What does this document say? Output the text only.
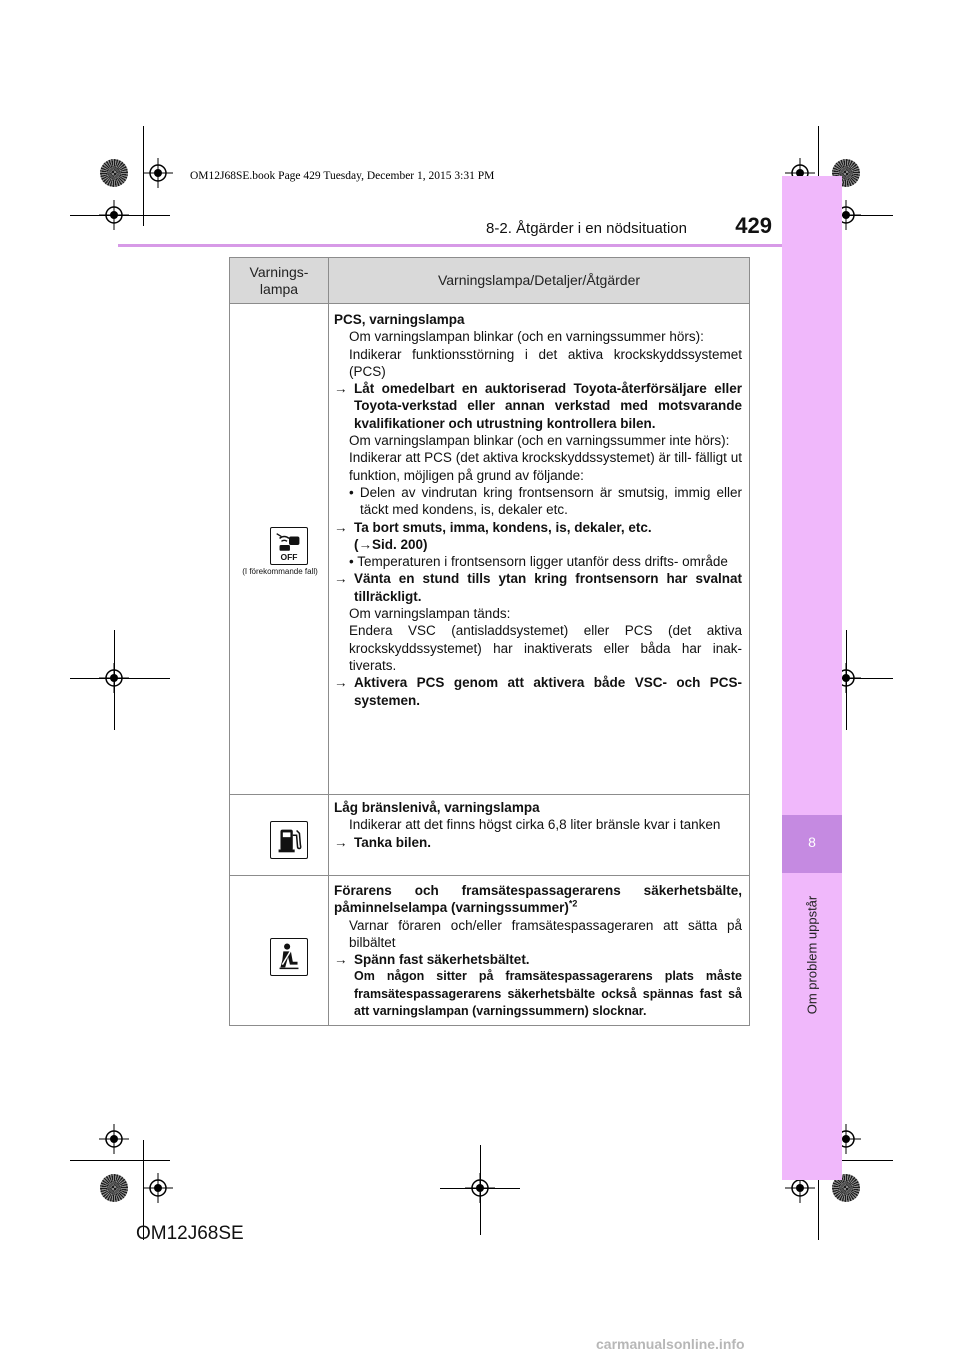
8
Om problem uppstår
OM12J68SE.book Page 429 Tuesday, December 1, 2015 3:31 PM
8-2. Åtgärder i en nödsituation	429
Varnings-
lampa
Varningslampa/Detaljer/Åtgärder
OFF
(I förekommande fall)

PCS, varningslampa

Om varningslampan blinkar (och en varningssummer hörs):

Indikerar funktionsstörning i det aktiva krockskyddssystemet (PCS)

→ Låt omedelbart en auktoriserad Toyota-återförsäljare eller Toyota-verkstad eller annan verkstad med motsvarande kvalifikationer och utrustning kontrollera bilen.

Om varningslampan blinkar (och en varningssummer inte hörs):

Indikerar att PCS (det aktiva krockskyddssystemet) är till- fälligt ut funktion, möjligen på grund av följande:

• Delen av vindrutan kring frontsensorn är smutsig, immig eller täckt med kondens, is, dekaler etc.

→ Ta bort smuts, imma, kondens, is, dekaler, etc.
(→Sid. 200)

• Temperaturen i frontsensorn ligger utanför dess drifts- område

→ Vänta en stund tills ytan kring frontsensorn har svalnat tillräckligt.

Om varningslampan tänds:

Endera VSC (antisladdsystemet) eller PCS (det aktiva krockskyddssystemet) har inaktiverats eller båda har inak- tiverats.

→ Aktivera PCS genom att aktivera både VSC- och PCS- systemen.

Låg bränslenivå, varningslampa

Indikerar att det finns högst cirka 6,8 liter bränsle kvar i tanken

→ Tanka bilen.

Förarens och framsätespassagerarens säkerhetsbälte, påminnelselampa (varningssummer)$^{*2}$

Varnar föraren och/eller framsätespassageraren att sätta på bilbältet

→ Spänn fast säkerhetsbältet.

Om någon sitter på framsätespassagerarens plats måste framsätespassagerarens säkerhetsbälte också spännas fast så att varningslampan (varningssummern) slocknar.

OM12J68SE
carmanualsonline.info
